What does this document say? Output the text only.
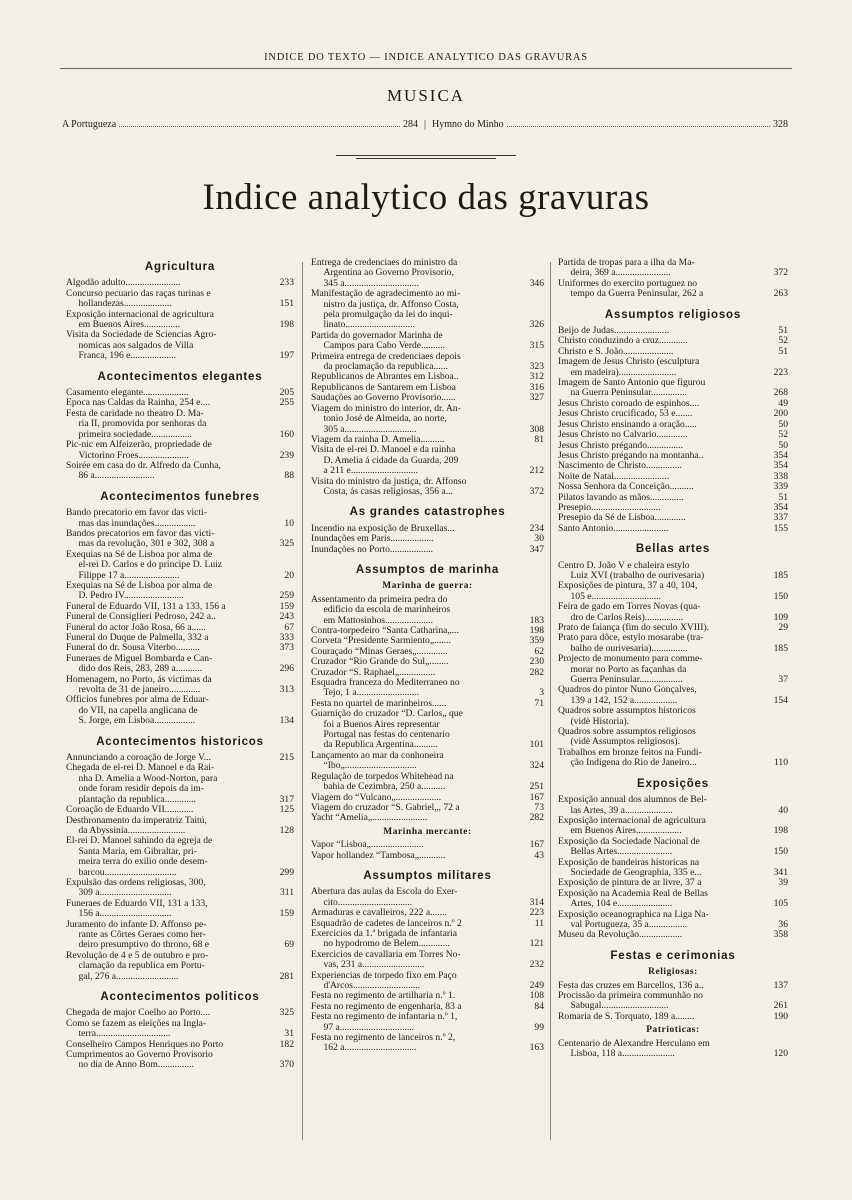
INDICE DO TEXTO — INDICE ANALYTICO DAS GRAVURAS
MUSICA
A Portugueza	284 | Hymno do Minho	328
Indice analytico das gravuras
Agricultura
Algodão adulto.......................	233
Concurso pecuario das raças turinas e
hollandezas....................	151
Exposição internacional de agricultura
em Buenos Aires...............	198
Visita da Sociedade de Sciencias Agro-
nomicas aos salgados de Villa
Franca, 196 e...................	197
Acontecimentos elegantes
Casamento elegante...................	205
Epoca nas Caldas da Rainha, 254 e....	255
Festa de caridade no theatro D. Ma-
ria II, promovida por senhoras da
primeira sociedade.................	160
Pic-nic em Alfeizerão, propriedade de
Victorino Froes.....................	239
Soirée em casa do dr. Alfredo da Cunha,
86 a.........................	88
Acontecimentos funebres
Bando precatorio em favor das victi-
mas das inundações.................	10
Bandos precatorios em favor das victi-
mas da revolução, 301 e 302, 308 a	325
Exequias na Sé de Lisboa por alma de
el-rei D. Carlos e do principe D. Luiz
Filippe 17 a.......................	20
Exequias na Sé de Lisboa por alma de
D. Pedro IV.........................	259
Funeral de Eduardo VII, 131 a 133, 156 a	159
Funeral de Consiglieri Pedroso, 242 a..	243
Funeral do actor João Rosa, 66 a......	67
Funeral do Duque de Palmella, 332 a	333
Funeral do dr. Sousa Viterbo..........	373
Funeraes de Miguel Bombarda e Can-
dido dos Reis, 283, 289 a...........	296
Homenagem, no Porto, ás victimas da
revolta de 31 de janeiro.............	313
Officios funebres por alma de Eduar-
do VII, na capella anglicana de
S. Jorge, em Lisboa.................	134
Acontecimentos historicos
Annunciando a coroação de Jorge V...	215
Chegada de el-rei D. Manoel e da Rai-
nha D. Amelia a Wood-Norton, para
onde foram residir depois da im-
plantação da republica.............	317
Coroação de Eduardo VII............	125
Desthronamento da imperatriz Taitú,
da Abyssinia........................	128
El-rei D. Manoel sahindo da egreja de
Santa Maria, em Gibraltar, pri-
meira terra do exilio onde desem-
barcou..............................	299
Expulsão das ordens religiosas, 300,
309 a..............................	311
Funeraes de Eduardo VII, 131 a 133,
156 a..............................	159
Juramento do infante D. Affonso pe-
rante as Côrtes Geraes como her-
deiro presumptivo do throno, 68 e	69
Revolução de 4 e 5 de outubro e pro-
clamação da republica em Portu-
gal, 276 a..........................	281
Acontecimentos politicos
Chegada de major Coelho ao Porto....	325
Como se fazem as eleições na Ingla-
terra...............................	31
Conselheiro Campos Henriques no Porto	182
Cumprimentos ao Governo Provisorio
no dia de Anno Bom...............	370
Entrega de credenciaes do ministro da
Argentina ao Governo Provisorio,
345 a...............................	346
Manifestação de agradecimento ao mi-
nistro da justiça, dr. Affonso Costa,
pela promulgação da lei do inqui-
linato.............................	326
Partida do governador Marinha de
Campos para Cabo Verde..........	315
Primeira entrega de credenciaes depois
da proclamação da republica......	323
Republicanos de Abrantes em Lisboa..	312
Republicanos de Santarem em Lisboa	316
Saudações ao Governo Provisorio......	327
Viagem do ministro do interior, dr. An-
tonio José de Almeida, ao norte,
305 a..............................	308
Viagem da rainha D. Amelia..........	81
Visita de el-rei D. Manoel e da rainha
D. Amelia á cidade da Guarda, 209
a 211 e............................	212
Visita do ministro da justiça, dr. Affonso
Costa, ás casas religiosas, 356 a...	372
As grandes catastrophes
Incendio na exposição de Bruxellas...	234
Inundações em Paris..................	30
Inundações no Porto..................	347
Assumptos de marinha
Marinha de guerra:
Assentamento da primeira pedra do
edificio da escola de marinheiros
em Mattosinhos....................	183
Contra-torpedeiro “Santa Catharina„...	198
Corveta “Presidente Sarmiento„.......	359
Couraçado “Minas Geraes„.............	62
Cruzador “Rio Grande do Sul„........	230
Cruzador “S. Raphael„...............	282
Esquadra franceza do Mediterraneo no
Tejo, 1 a..........................	3
Festa no quartel de marinheiros......	71
Guarnição do cruzador “D. Carlos„ que
foi a Buenos Aires representar
Portugal nas festas do centenario
da Republica Argentina..........	101
Lançamento ao mar da conhoneira
“Ibo„..............................	324
Regulação de torpedos Whitehead na
bahia de Cezimbra, 250 a..........	251
Viagem do “Vulcano„...................	167
Viagem do cruzador “S. Gabriel„, 72 a	73
Yacht “Amelia„.......................	282
Marinha mercante:
Vapor “Lisboa„......................	167
Vapor hollandez “Tambosa„...........	43
Assumptos militares
Abertura das aulas da Escola do Exer-
cito...............................	314
Armaduras e cavalleiros, 222 a.......	223
Esquadrão de cadetes de lanceiros n.º 2	11
Exercicios da 1.ª brigada de infantaria
no hypodromo de Belem.............	121
Exercicios de cavallaria em Torres No-
vas, 231 a..........................	232
Experiencias de torpedo fixo em Paço
d'Arcos............................	249
Festa no regimento de artilharia n.º 1.	108
Festa no regimento de engenharia, 83 a	84
Festa no regimento de infantaria n.º 1,
97 a...............................	99
Festa no regimento de lanceiros n.º 2,
162 a..............................	163
Partida de tropas para a ilha da Ma-
deira, 369 a.......................	372
Uniformes do exercito portuguez no
tempo da Guerra Peninsular, 262 a	263
Assumptos religiosos
Beijo de Judas.......................	51
Christo conduzindo a cruz............	52
Christo e S. João.....................	51
Imagem de Jesus Christo (esculptura
em madeira)........................	223
Imagem de Santo Antonio que figurou
na Guerra Peninsular...............	268
Jesus Christo coroado de espinhos....	49
Jesus Christo crucificado, 53 e.......	200
Jesus Christo ensinando a oração.....	50
Jesus Christo no Calvario.............	52
Jesus Christo prégando...............	50
Jesus Christo prégando na montanha..	354
Nascimento de Christo...............	354
Noite de Natal.......................	338
Nossa Senhora da Conceição..........	339
Pilatos lavando as mãos..............	51
Presepio.............................	354
Presepio da Sé de Lisboa.............	337
Santo Antonio.......................	155
Bellas artes
Centro D. João V e chaleira estylo
Luiz XVI (trabalho de ourivesaria)	185
Exposições de pintura, 37 a 40, 104,
105 e.............................	150
Feira de gado em Torres Novas (qua-
dro de Carlos Reis)................	109
Prato de faiança (fim do seculo XVIII).	29
Prato para dôce, estylo mosarabe (tra-
balho de ourivesaria)...............	185
Projecto de monumento para comme-
morar no Porto as façanhas da
Guerra Peninsular..................	37
Quadros do pintor Nuno Gonçalves,
139 a 142, 152 a..................	154
Quadros sobre assumptos historicos
(vidè Historia).
Quadros sobre assumptos religiosos
(vidè Assumptos religiosos).
Trabalhos em bronze feitos na Fundi-
ção Indigena do Rio de Janeiro...	110
Exposições
Exposição annual dos alumnos de Bel-
las Artes, 39 a....................	40
Exposição internacional de agricultura
em Buenos Aires...................	198
Exposição da Sociedade Nacional de
Bellas Artes.......................	150
Exposição de bandeiras historicas na
Sociedade de Geographia, 335 e...	341
Exposição de pintura de ar livre, 37 a	39
Exposição na Academia Real de Bellas
Artes, 104 e.......................	105
Exposição oceanographica na Liga Na-
val Portugueza, 35 a................	36
Museu da Revolução..................	358
Festas e cerimonias
Religiosas:
Festa das cruzes em Barcellos, 136 a..	137
Procissão da primeira communhão no
Sabugal............................	261
Romaria de S. Torquato, 189 a........	190
Patrioticas:
Centenario de Alexandre Herculano em
Lisboa, 118 a......................	120
